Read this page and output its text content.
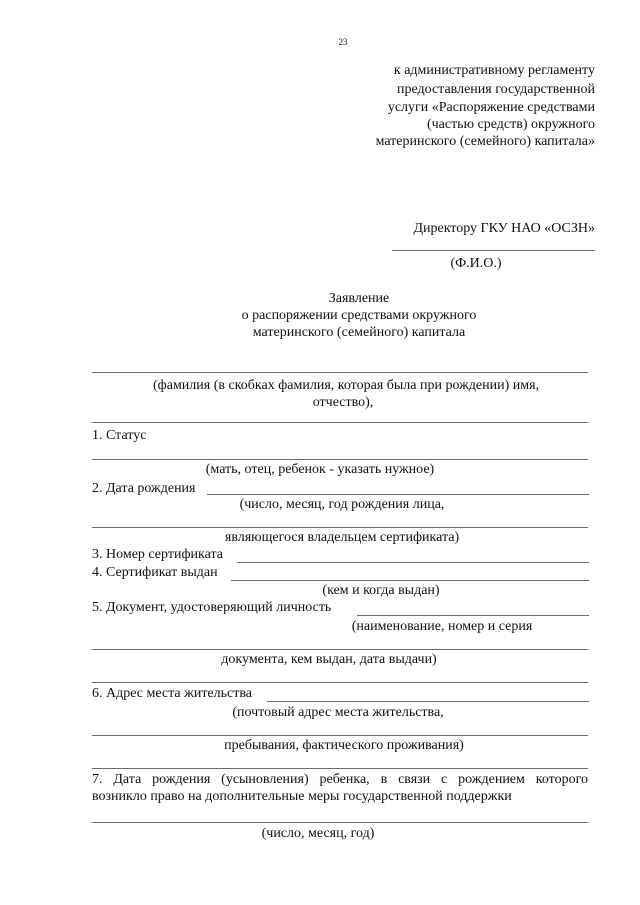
23
к административному регламенту
предоставления государственной
услуги «Распоряжение средствами
(частью средств) окружного
материнского (семейного) капитала»
Директору ГКУ НАО «ОСЗН»
(Ф.И.О.)
Заявление
о распоряжении средствами окружного
материнского (семейного) капитала
(фамилия (в скобках фамилия, которая была при рождении) имя,
отчество),
1. Статус
(мать, отец, ребенок - указать нужное)
2. Дата рождения
(число, месяц, год рождения лица,
являющегося владельцем сертификата)
3. Номер сертификата
4. Сертификат выдан
(кем и когда выдан)
5. Документ, удостоверяющий личность
(наименование, номер и серия
документа, кем выдан, дата выдачи)
6. Адрес места жительства
(почтовый адрес места жительства,
пребывания, фактического проживания)
7. Дата рождения (усыновления) ребенка, в связи с рождением которого
возникло право на дополнительные меры государственной поддержки
(число, месяц, год)
